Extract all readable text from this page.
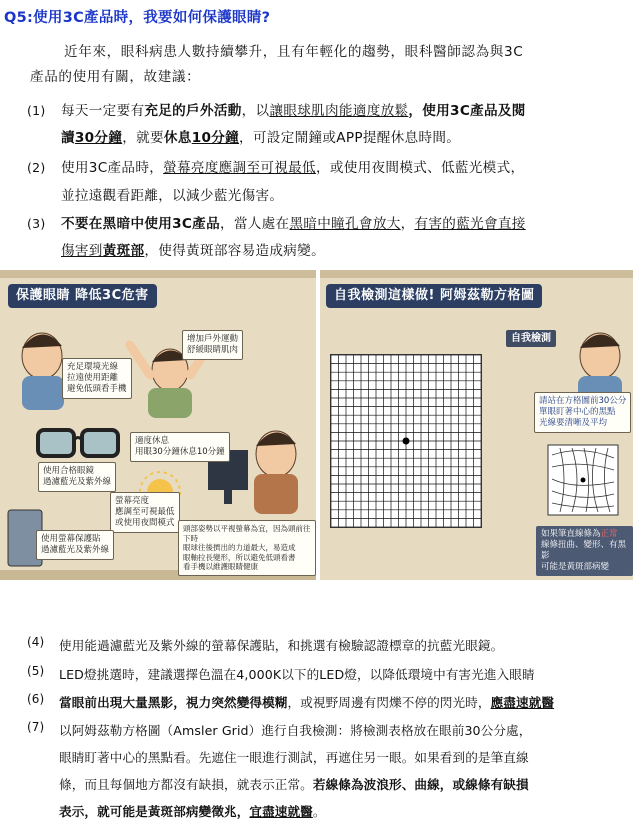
Q5:使用3C產品時，我要如何保護眼睛?
近年來，眼科病患人數持續攀升，且有年輕化的趨勢，眼科醫師認為與3C
產品的使用有關，故建議：
(1) 每天一定要有充足的戶外活動，以讓眼球肌肉能適度放鬆，使用3C產品及閱
讀30分鐘，就要休息10分鐘，可設定鬧鐘或APP提醒休息時間。
(2) 使用3C產品時，螢幕亮度應調至可視最低，或使用夜間模式、低藍光模式，
並拉遠觀看距離，以減少藍光傷害。
(3) 不要在黑暗中使用3C產品，當人處在黑暗中瞳孔會放大，有害的藍光會直接
傷害到黃斑部，使得黃斑部容易造成病變。
保護眼睛 降低3C危害
充足環境光線
拉遠使用距離
避免低頭看手機
增加戶外運動
舒緩眼睛肌肉
適度休息
用眼30分鐘休息10分鐘
使用合格眼鏡
過濾藍光及紫外線
螢幕亮度
應調至可視最低
或使用夜間模式
頭部姿勢以平視螢幕為宜，因為頭前往下時
眼球往後擠出的力道最大，易造成
眼軸拉長變形，所以避免低頭看書
看手機以維護眼睛健康
使用螢幕保護貼
過濾藍光及紫外線
自我檢測這樣做! 阿姆茲勒方格圖
自我檢測
請站在方格圖前30公分
單眼盯著中心的黑點
光線要清晰及平均
如果筆直線條為正常
線條扭曲、變形、有黑影
可能是黃斑部病變
(4) 使用能過濾藍光及紫外線的螢幕保護貼，和挑選有檢驗認證標章的抗藍光眼鏡。
(5) LED燈挑選時，建議選擇色溫在4,000K以下的LED燈，以降低環境中有害光進入眼睛
(6) 當眼前出現大量黑影，視力突然變得模糊，或視野周邊有閃爍不停的閃光時，應盡速就醫
(7) 以阿姆茲勒方格圖（Amsler Grid）進行自我檢測：將檢測表格放在眼前30公分處，
眼睛盯著中心的黑點看。先遮住一眼進行測試，再遮住另一眼。如果看到的是筆直線
條，而且每個地方都沒有缺損，就表示正常。若線條為波浪形、曲線，或線條有缺損
表示，就可能是黃斑部病變徵兆，宜盡速就醫。
